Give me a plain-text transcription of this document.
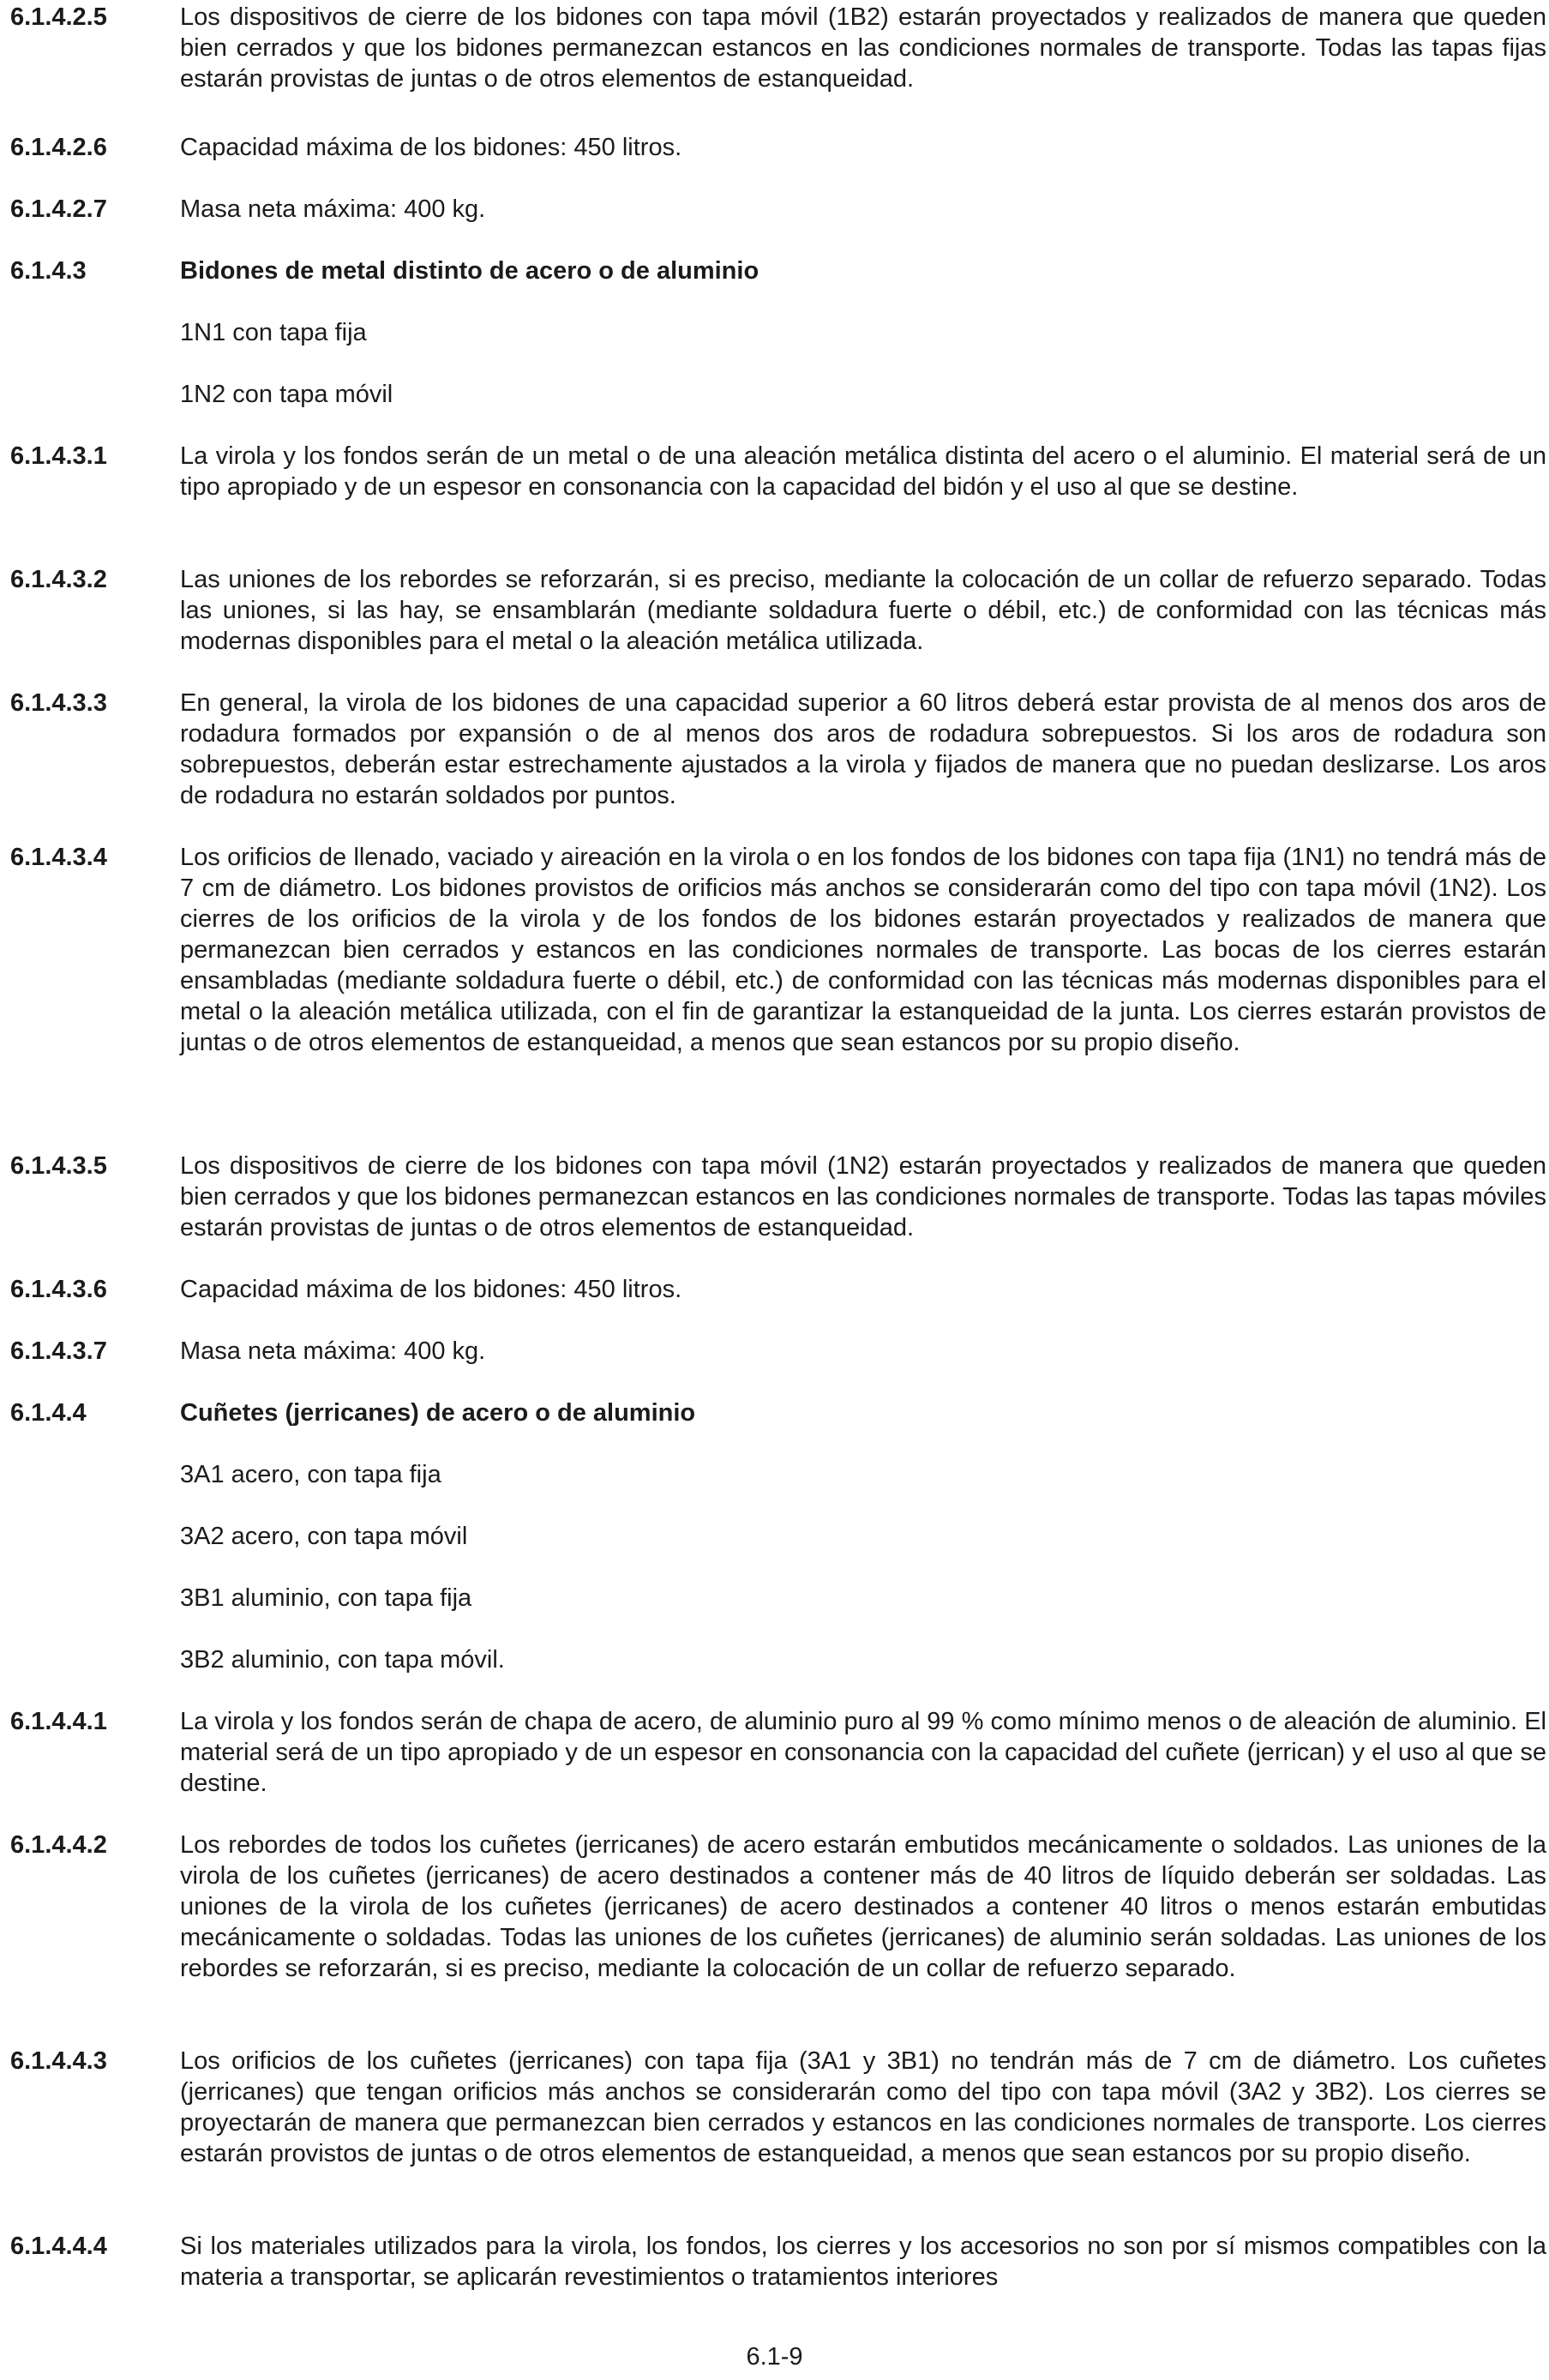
6.1.4.2.5	Los dispositivos de cierre de los bidones con tapa móvil (1B2) estarán proyectados y realizados de manera que queden bien cerrados y que los bidones permanezcan estancos en las condiciones normales de transporte. Todas las tapas fijas estarán provistas de juntas o de otros elementos de estanqueidad.
6.1.4.2.6	Capacidad máxima de los bidones: 450 litros.
6.1.4.2.7	Masa neta máxima: 400 kg.
6.1.4.3	Bidones de metal distinto de acero o de aluminio
1N1 con tapa fija
1N2 con tapa móvil
6.1.4.3.1	La virola y los fondos serán de un metal o de una aleación metálica distinta del acero o el aluminio. El material será de un tipo apropiado y de un espesor en consonancia con la capacidad del bidón y el uso al que se destine.
6.1.4.3.2	Las uniones de los rebordes se reforzarán, si es preciso, mediante la colocación de un collar de refuerzo separado. Todas las uniones, si las hay, se ensamblarán (mediante soldadura fuerte o débil, etc.) de conformidad con las técnicas más modernas disponibles para el metal o la aleación metálica utilizada.
6.1.4.3.3	En general, la virola de los bidones de una capacidad superior a 60 litros deberá estar provista de al menos dos aros de rodadura formados por expansión o de al menos dos aros de rodadura sobrepuestos. Si los aros de rodadura son sobrepuestos, deberán estar estrechamente ajustados a la virola y fijados de manera que no puedan deslizarse. Los aros de rodadura no estarán soldados por puntos.
6.1.4.3.4	Los orificios de llenado, vaciado y aireación en la virola o en los fondos de los bidones con tapa fija (1N1) no tendrá más de 7 cm de diámetro. Los bidones provistos de orificios más anchos se considerarán como del tipo con tapa móvil (1N2). Los cierres de los orificios de la virola y de los fondos de los bidones estarán proyectados y realizados de manera que permanezcan bien cerrados y estancos en las condiciones normales de transporte. Las bocas de los cierres estarán ensambladas (mediante soldadura fuerte o débil, etc.) de conformidad con las técnicas más modernas disponibles para el metal o la aleación metálica utilizada, con el fin de garantizar la estanqueidad de la junta. Los cierres estarán provistos de juntas o de otros elementos de estanqueidad, a menos que sean estancos por su propio diseño.
6.1.4.3.5	Los dispositivos de cierre de los bidones con tapa móvil (1N2) estarán proyectados y realizados de manera que queden bien cerrados y que los bidones permanezcan estancos en las condiciones normales de transporte. Todas las tapas móviles estarán provistas de juntas o de otros elementos de estanqueidad.
6.1.4.3.6	Capacidad máxima de los bidones: 450 litros.
6.1.4.3.7	Masa neta máxima: 400 kg.
6.1.4.4	Cuñetes (jerricanes) de acero o de aluminio
3A1 acero, con tapa fija
3A2 acero, con tapa móvil
3B1 aluminio, con tapa fija
3B2 aluminio, con tapa móvil.
6.1.4.4.1	La virola y los fondos serán de chapa de acero, de aluminio puro al 99 % como mínimo menos o de aleación de aluminio. El material será de un tipo apropiado y de un espesor en consonancia con la capacidad del cuñete (jerrican) y el uso al que se destine.
6.1.4.4.2	Los rebordes de todos los cuñetes (jerricanes) de acero estarán embutidos mecánicamente o soldados. Las uniones de la virola de los cuñetes (jerricanes) de acero destinados a contener más de 40 litros de líquido deberán ser soldadas. Las uniones de la virola de los cuñetes (jerricanes) de acero destinados a contener 40 litros o menos estarán embutidas mecánicamente o soldadas. Todas las uniones de los cuñetes (jerricanes) de aluminio serán soldadas. Las uniones de los rebordes se reforzarán, si es preciso, mediante la colocación de un collar de refuerzo separado.
6.1.4.4.3	Los orificios de los cuñetes (jerricanes) con tapa fija (3A1 y 3B1) no tendrán más de 7 cm de diámetro. Los cuñetes (jerricanes) que tengan orificios más anchos se considerarán como del tipo con tapa móvil (3A2 y 3B2). Los cierres se proyectarán de manera que permanezcan bien cerrados y estancos en las condiciones normales de transporte. Los cierres estarán provistos de juntas o de otros elementos de estanqueidad, a menos que sean estancos por su propio diseño.
6.1.4.4.4	Si los materiales utilizados para la virola, los fondos, los cierres y los accesorios no son por sí mismos compatibles con la materia a transportar, se aplicarán revestimientos o tratamientos interiores
6.1-9
